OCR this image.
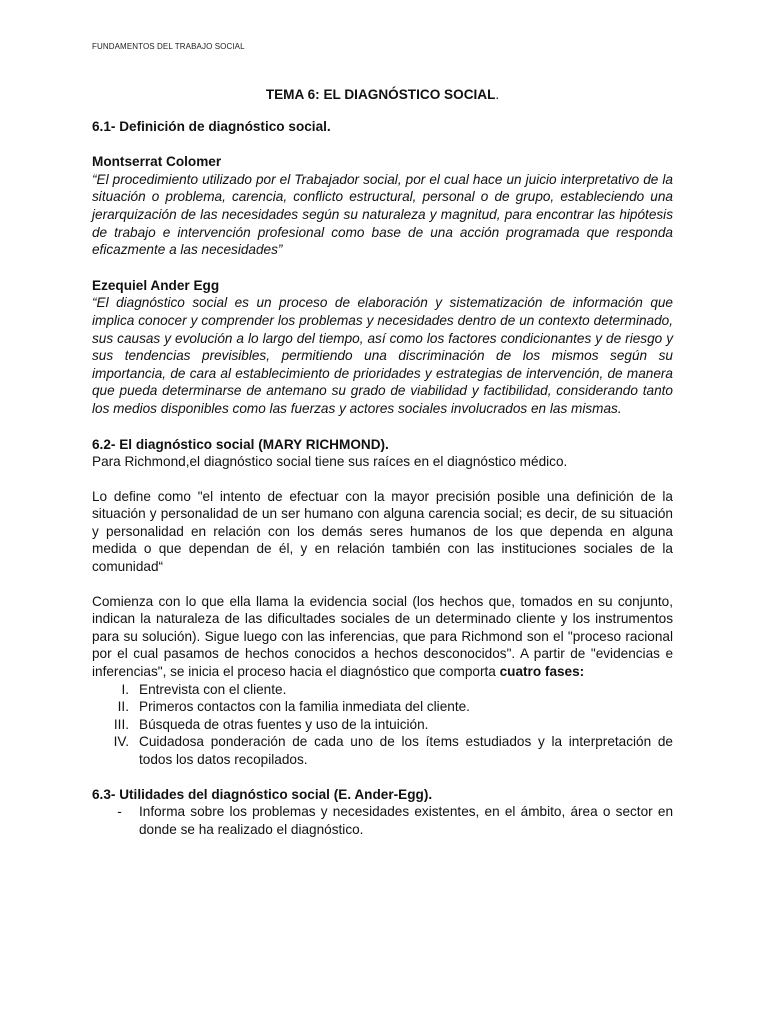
FUNDAMENTOS DEL TRABAJO SOCIAL

TEMA 6: EL DIAGNÓSTICO SOCIAL.

6.1- Definición de diagnóstico social.

Montserrat Colomer

“El procedimiento utilizado por el Trabajador social, por el cual hace un juicio interpretativo de la situación o problema, carencia, conflicto estructural, personal o de grupo, estableciendo una jerarquización de las necesidades según su naturaleza y magnitud, para encontrar las hipótesis de trabajo e intervención profesional como base de una acción programada que responda eficazmente a las necesidades”

Ezequiel Ander Egg

“El diagnóstico social es un proceso de elaboración y sistematización de información que implica conocer y comprender los problemas y necesidades dentro de un contexto determinado, sus causas y evolución a lo largo del tiempo, así como los factores condicionantes y de riesgo y sus tendencias previsibles, permitiendo una discriminación de los mismos según su importancia, de cara al establecimiento de prioridades y estrategias de intervención, de manera que pueda determinarse de antemano su grado de viabilidad y factibilidad, considerando tanto los medios disponibles como las fuerzas y actores sociales involucrados en las mismas.

6.2- El diagnóstico social (MARY RICHMOND).

Para Richmond,el diagnóstico social tiene sus raíces en el diagnóstico médico.

Lo define como "el intento de efectuar con la mayor precisión posible una definición de la situación y personalidad de un ser humano con alguna carencia social; es decir, de su situación y personalidad en relación con los demás seres humanos de los que dependa en alguna medida o que dependan de él, y en relación también con las instituciones sociales de la comunidad“

Comienza con lo que ella llama la evidencia social (los hechos que, tomados en su conjunto, indican la naturaleza de las dificultades sociales de un determinado cliente y los instrumentos para su solución). Sigue luego con las inferencias, que para Richmond son el "proceso racional por el cual pasamos de hechos conocidos a hechos desconocidos". A partir de "evidencias e inferencias", se inicia el proceso hacia el diagnóstico que comporta cuatro fases:

I. Entrevista con el cliente.
II. Primeros contactos con la familia inmediata del cliente.
III. Búsqueda de otras fuentes y uso de la intuición.
IV. Cuidadosa ponderación de cada uno de los ítems estudiados y la interpretación de todos los datos recopilados.

6.3- Utilidades del diagnóstico social (E. Ander-Egg).

-	Informa sobre los problemas y necesidades existentes, en el ámbito, área o sector en donde se ha realizado el diagnóstico.
